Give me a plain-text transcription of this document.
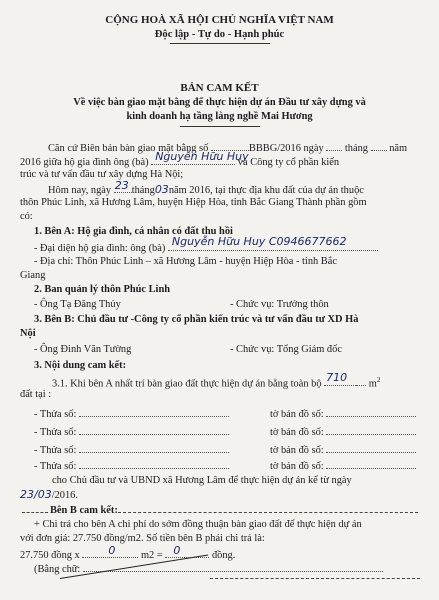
CỘNG HOÀ XÃ HỘI CHỦ NGHĨA VIỆT NAM
Độc lập - Tự do - Hạnh phúc
BẢN CAM KẾT
Về việc bàn giao mặt bằng để thực hiện dự án Đầu tư xây dựng và
kinh doanh hạ tầng làng nghề Mai Hương
Căn cứ Biên bản bàn giao mặt bằng số	BBBG/2016 ngày tháng năm
2016 giữa hộ gia đình ông (bà) Nguyễn Hữu Huy
và Công ty cổ phần kiến
trúc và tư vấn đầu tư xây dựng Hà Nội;
Hôm nay, ngày 23 tháng03năm 2016, tại thực địa khu đất của dự án thuộc
thôn Phúc Linh, xã Hương Lâm, huyện Hiệp Hòa, tỉnh Bắc Giang Thành phần gồm
có:
1. Bên A: Hộ gia đình, cá nhân có đất thu hồi
- Đại diện hộ gia đình: ông (bà)
Nguyễn Hữu Huy C0946677662
- Địa chỉ: Thôn Phúc Linh – xã Hương Lâm - huyện Hiệp Hòa - tỉnh Bắc
Giang
2. Ban quản lý thôn Phúc Linh
- Ông Tạ Đăng Thủy	- Chức vụ: Trưởng thôn
3. Bên B: Chủ đầu tư -Công ty cổ phần kiến trúc và tư vấn đầu tư XD Hà
Nội
- Ông Đinh Văn Tường	- Chức vụ: Tổng Giám đốc
3. Nội dung cam kết:
3.1. Khi bên A nhất trí bàn giao đất thực hiện dự án bằng toàn bộ 710 $m^2$
đất tại :
- Thửa số:	tờ bản đồ số:
- Thửa số:	tờ bản đồ số:
- Thửa số:	tờ bản đồ số:
- Thửa số:	tờ bản đồ số:
cho Chủ đầu tư và UBND xã Hương Lâm để thực hiện dự án kể từ ngày
23/03/2016.
Bên B cam kết:
+ Chi trả cho bên A chi phí do sớm đồng thuận bàn giao đất để thực hiện dự án
với đơn giá: 27.750 đồng/m2. Số tiền bên B phải chi trả là:
27.750 đồng x	0 m2 = 0	đồng.
(Bằng chữ:
